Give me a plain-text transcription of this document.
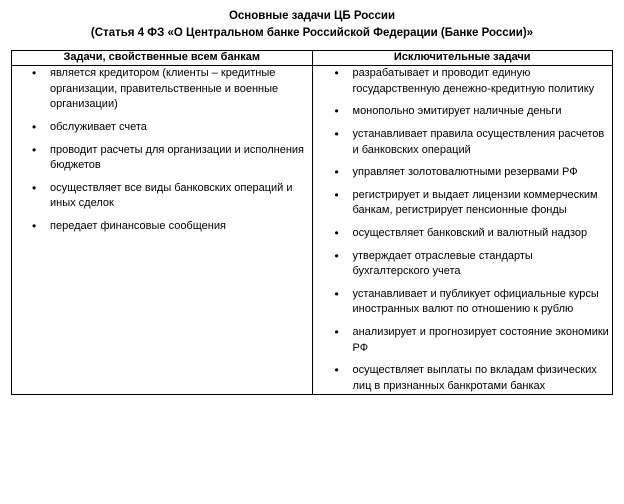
Основные задачи ЦБ России
(Статья 4 ФЗ «О Центральном банке Российской Федерации (Банке России)»
Задачи, свойственные всем банкам	Исключительные задачи

• является кредитором (клиенты – кредитные организации, правительственные и военные организации)
• обслуживает счета
• проводит расчеты для организации и исполнения бюджетов
• осуществляет все виды банковских операций и иных сделок
• передает финансовые сообщения

• разрабатывает и проводит единую государственную денежно-кредитную политику
• монопольно эмитирует наличные деньги
• устанавливает правила осуществления расчетов и банковских операций
• управляет золотовалютными резервами РФ
• регистрирует и выдает лицензии коммерческим банкам, регистрирует пенсионные фонды
• осуществляет банковский и валютный надзор
• утверждает отраслевые стандарты бухгалтерского учета
• устанавливает и публикует официальные курсы иностранных валют по отношению к рублю
• анализирует и прогнозирует состояние экономики РФ
• осуществляет выплаты по вкладам физических лиц в признанных банкротами банках
